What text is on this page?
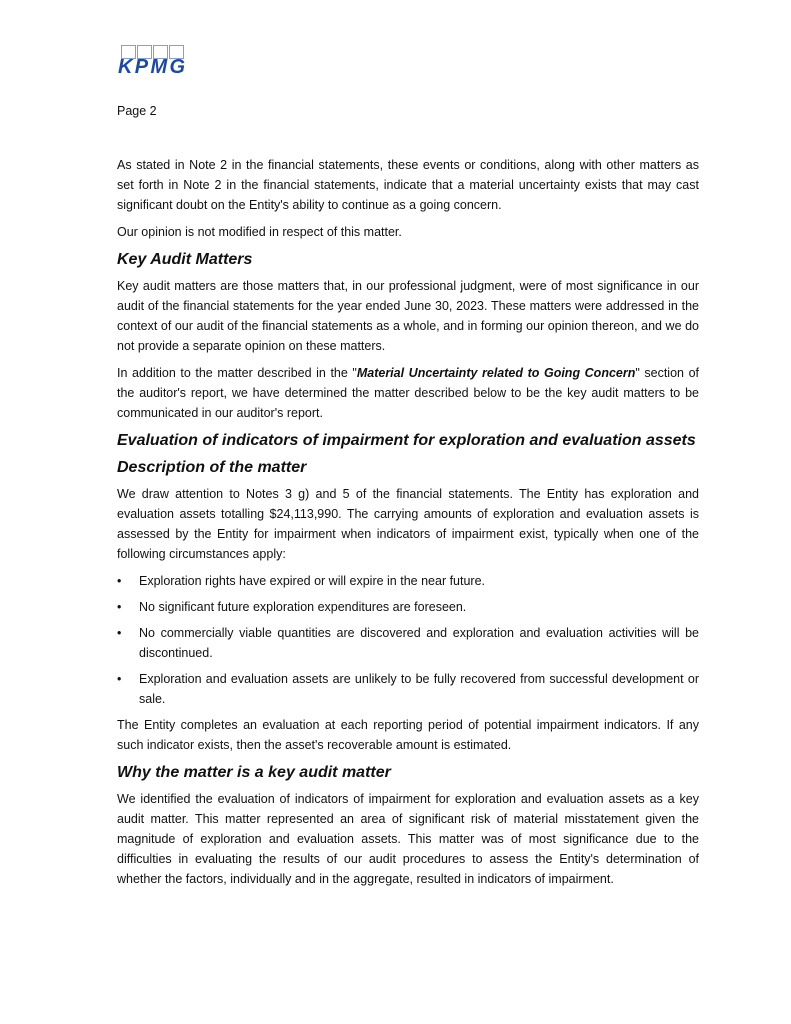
KPMG
Page 2

As stated in Note 2 in the financial statements, these events or conditions, along with other matters as set forth in Note 2 in the financial statements, indicate that a material uncertainty exists that may cast significant doubt on the Entity's ability to continue as a going concern.

Our opinion is not modified in respect of this matter.

Key Audit Matters

Key audit matters are those matters that, in our professional judgment, were of most significance in our audit of the financial statements for the year ended June 30, 2023. These matters were addressed in the context of our audit of the financial statements as a whole, and in forming our opinion thereon, and we do not provide a separate opinion on these matters.

In addition to the matter described in the "Material Uncertainty related to Going Concern" section of the auditor's report, we have determined the matter described below to be the key audit matters to be communicated in our auditor's report.

Evaluation of indicators of impairment for exploration and evaluation assets
Description of the matter

We draw attention to Notes 3 g) and 5 of the financial statements. The Entity has exploration and evaluation assets totalling $24,113,990. The carrying amounts of exploration and evaluation assets is assessed by the Entity for impairment when indicators of impairment exist, typically when one of the following circumstances apply:

• Exploration rights have expired or will expire in the near future.
• No significant future exploration expenditures are foreseen.
• No commercially viable quantities are discovered and exploration and evaluation activities will be discontinued.
• Exploration and evaluation assets are unlikely to be fully recovered from successful development or sale.

The Entity completes an evaluation at each reporting period of potential impairment indicators. If any such indicator exists, then the asset's recoverable amount is estimated.

Why the matter is a key audit matter

We identified the evaluation of indicators of impairment for exploration and evaluation assets as a key audit matter. This matter represented an area of significant risk of material misstatement given the magnitude of exploration and evaluation assets. This matter was of most significance due to the difficulties in evaluating the results of our audit procedures to assess the Entity's determination of whether the factors, individually and in the aggregate, resulted in indicators of impairment.
